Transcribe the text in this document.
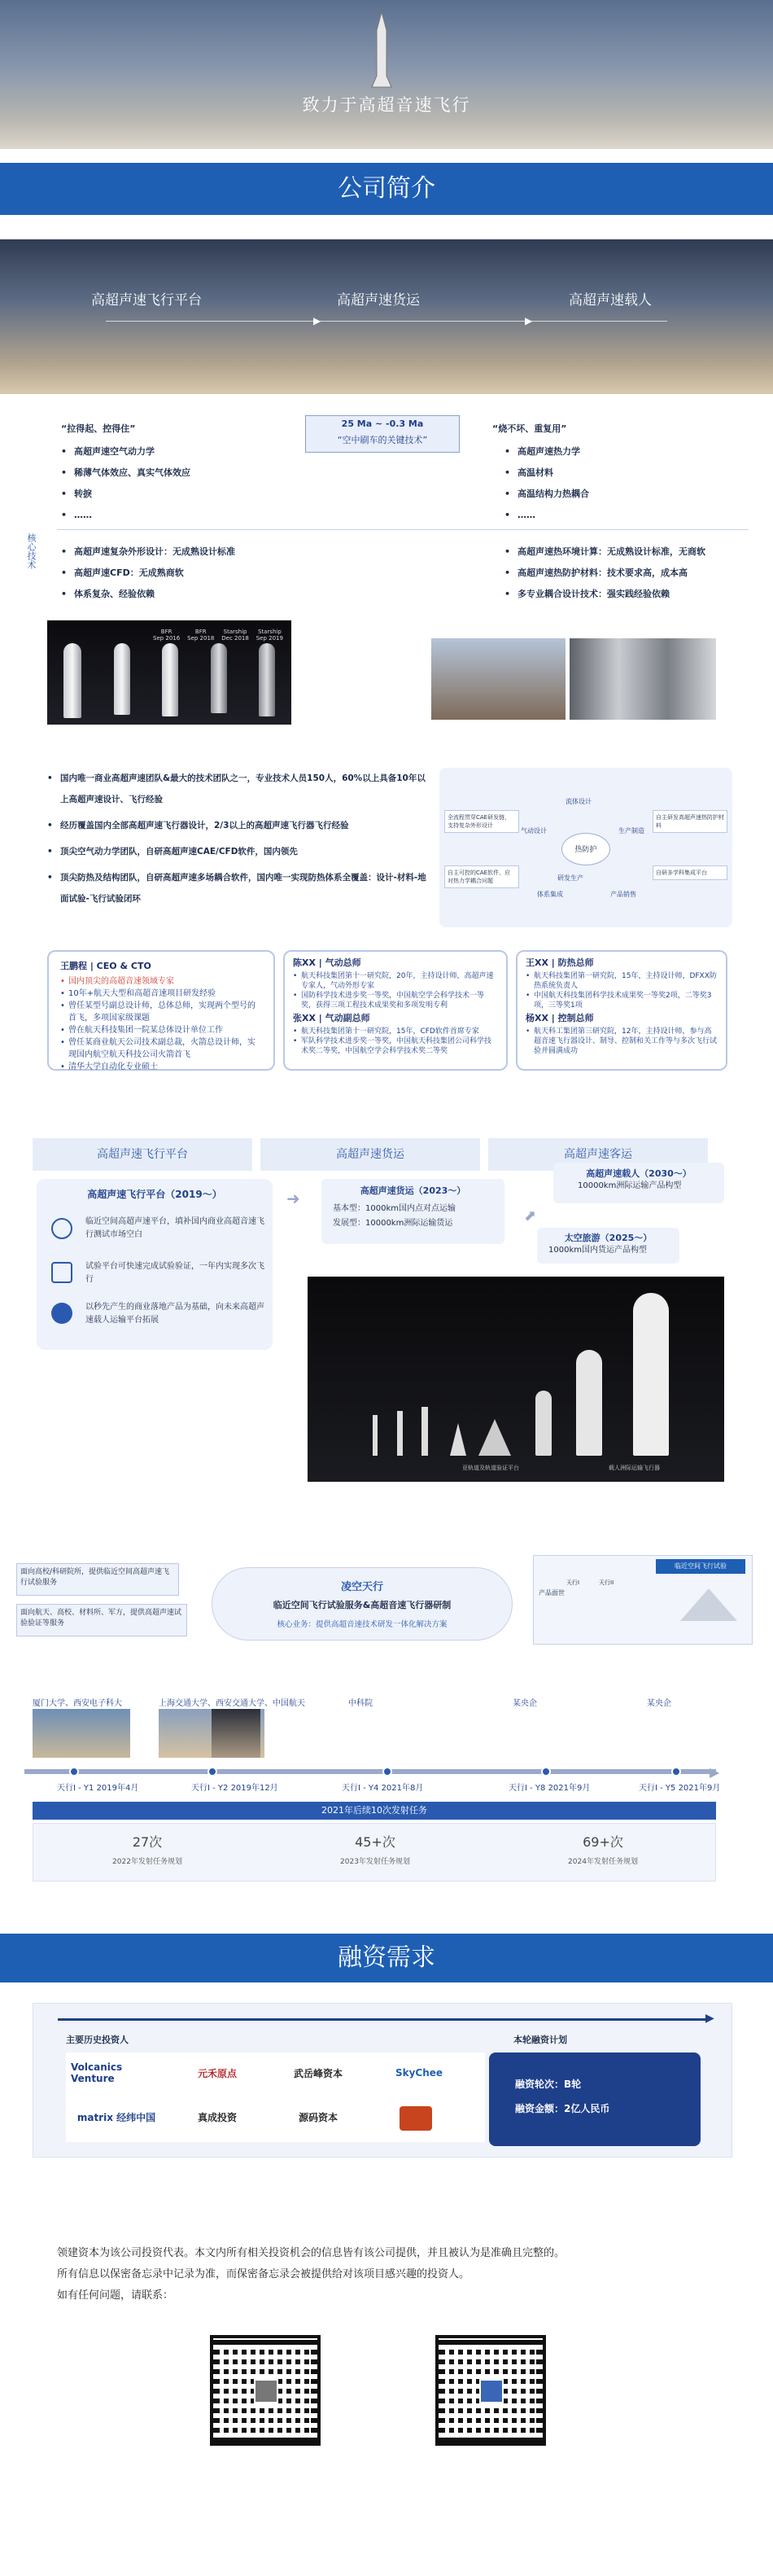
致力于高超音速飞行
公司简介
高超声速飞行平台	高超声速货运	高超声速载人
▶	▶
25 Ma ~ -0.3 Ma
“空中刷车的关键技术”
“拉得起、控得住”
• 高超声速空气动力学
• 稀薄气体效应、真实气体效应
• 转捩
• ……
“烧不坏、重复用”
• 高超声速热力学
• 高温材料
• 高温结构力热耦合
• ……
核心技术
•	高超声速复杂外形设计：无成熟设计标准
• 高超声速CFD：无成熟商软
• 体系复杂、经验依赖
• 高超声速热环境计算：无成熟设计标准，无商软
• 高超声速热防护材料：技术要求高，成本高
• 多专业耦合设计技术：强实践经验依赖
BFR
Sep 2016
BFR
Sep 2018
Starship
Dec 2018
Starship
Sep 2019
• 国内唯一商业高超声速团队&最大的技术团队之一，专业技术人员150人，60%以上具备10年以上高超声速设计、飞行经验
• 经历覆盖国内全部高超声速飞行器设计，2/3以上的高超声速飞行器飞行经验
• 顶尖空气动力学团队，自研高超声速CAE/CFD软件，国内领先
• 顶尖防热及结构团队，自研高超声速多场耦合软件，国内唯一实现防热体系全覆盖：设计-材料-地面试验-飞行试验闭环
热防护
流体设计
气动设计	生产制造
研发生产
体系集成	产品销售
全流程贯穿CAE研发链，支持复杂外形设计
自主研发高超声速热防护材料
自主可控的CAE软件，应对热力学耦合问题
自研多学科集成平台
王鹏程 | CEO & CTO
• 国内顶尖的高超音速领域专家
• 10年+航天大型和高超音速项目研发经验
• 曾任某型号副总设计师，总体总师，实现两个型号的首飞，多项国家级课题
• 曾在航天科技集团一院某总体设计单位工作
• 曾任某商业航天公司技术副总裁，火箭总设计师，实现国内航空航天科技公司火箭首飞
• 清华大学自动化专业硕士
陈XX | 气动总师
• 航天科技集团第十一研究院，20年，主持设计师，高超声速专家人，气动外形专家
• 国防科学技术进步奖一等奖，中国航空学会科学技术一等奖，获得三项工程技术成果奖和多项发明专利
张XX | 气动副总师
• 航天科技集团第十一研究院，15年，CFD软件首席专家
• 军队科学技术进步奖一等奖，中国航天科技集团公司科学技术奖二等奖，中国航空学会科学技术奖二等奖
王XX | 防热总师
• 航天科技集团第一研究院，15年，主持设计师，DFXX防热系统负责人
• 中国航天科技集团科学技术成果奖一等奖2项，二等奖3项，三等奖1项
杨XX | 控制总师
• 航天科工集团第三研究院，12年，主持设计师，参与高超音速飞行器设计、制导、控制和关工作等与多次飞行试验并圆满成功
高超声速飞行平台	高超声速货运	高超声速客运
高超声速飞行平台（2019～）
临近空间高超声速平台，填补国内商业高超音速飞行测试市场空白
试验平台可快速完成试验验证，一年内实现多次飞行
以秒先产生的商业落地产品为基础，向未来高超声速载人运输平台拓展
➜	高超声速货运（2023～）
基本型：1000km国内点对点运输
发展型：10000km洲际运输货运
高超声速载人（2030～）
10000km洲际运输产品构型
⬈
太空旅游（2025～）
1000km国内货运产品构型
亚轨道及轨道验证平台	载人洲际运输飞行器
面向高校/科研院所，提供临近空间高超声速飞行试验服务
面向航天、高校、材料所、军方，提供高超声速试验验证等服务
凌空天行
临近空间飞行试验服务&高超音速飞行器研制
核心业务：提供高超音速技术研发一体化解决方案
临近空间飞行试验
产品面世
天行I	天行II
厦门大学、西安电子科大	上海交通大学、西安交通大学、中国航天	中科院	某央企	某央企
▶
天行I - Y1 2019年4月	天行I - Y2 2019年12月	天行I - Y4 2021年8月	天行I - Y8 2021年9月	天行I - Y5 2021年9月
2021年后续10次发射任务
27次
2022年发射任务规划
45+次
2023年发射任务规划
69+次
2024年发射任务规划
融资需求
▶
主要历史投资人	本轮融资计划
Volcanics Venture	元禾原点	武岳峰资本	SkyChee
matrix 经纬中国	真成投资	源码资本
融资轮次：B轮
融资金额：2亿人民币
领建资本为该公司投资代表。本文内所有相关投资机会的信息皆有该公司提供，并且被认为是准确且完整的。
所有信息以保密备忘录中记录为准，而保密备忘录会被提供给对该项目感兴趣的投资人。
如有任何问题，请联系：
